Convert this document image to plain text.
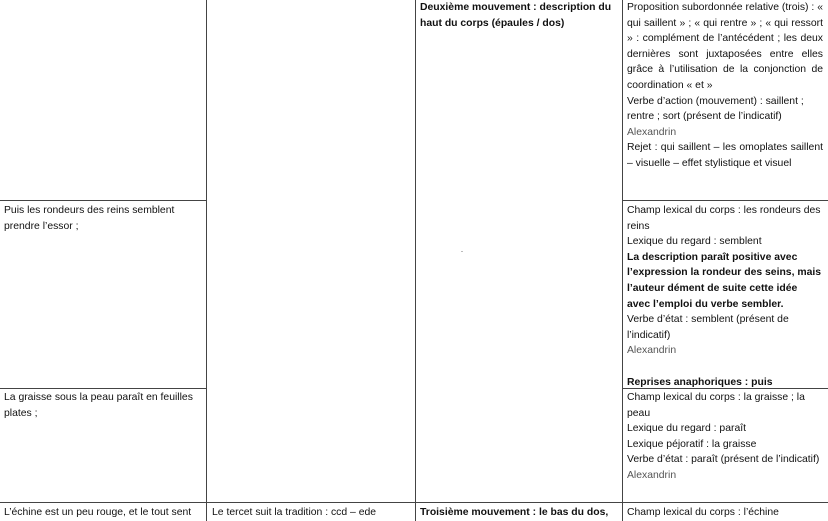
Puis les rondeurs des reins semblent prendre l’essor ;
La graisse sous la peau paraît en feuilles plates ;
L’échine est un peu rouge, et le tout sent	Le tercet suit la tradition : ccd – ede
Deuxième mouvement : description du haut du corps (épaules / dos)
Troisième mouvement : le bas du dos,

Proposition subordonnée relative (trois) : « qui saillent » ; « qui rentre » ; « qui ressort » : complément de l’antécédent ; les deux dernières sont juxtaposées entre elles grâce à l’utilisation de la conjonction de coordination « et »

Verbe d’action (mouvement) : saillent ; rentre ; sort (présent de l’indicatif)

Alexandrin

Rejet : qui saillent – les omoplates saillent – visuelle – effet stylistique et visuel

Champ lexical du corps : les rondeurs des reins

Lexique du regard : semblent

La description paraît positive avec l’expression la rondeur des seins, mais l’auteur dément de suite cette idée avec l’emploi du verbe sembler.

Verbe d’état : semblent (présent de l’indicatif)

Alexandrin

Reprises anaphoriques : puis

Champ lexical du corps : la graisse ; la peau

Lexique du regard : paraît

Lexique péjoratif : la graisse

Verbe d’état : paraît (présent de l’indicatif)

Alexandrin

Champ lexical du corps : l’échine
